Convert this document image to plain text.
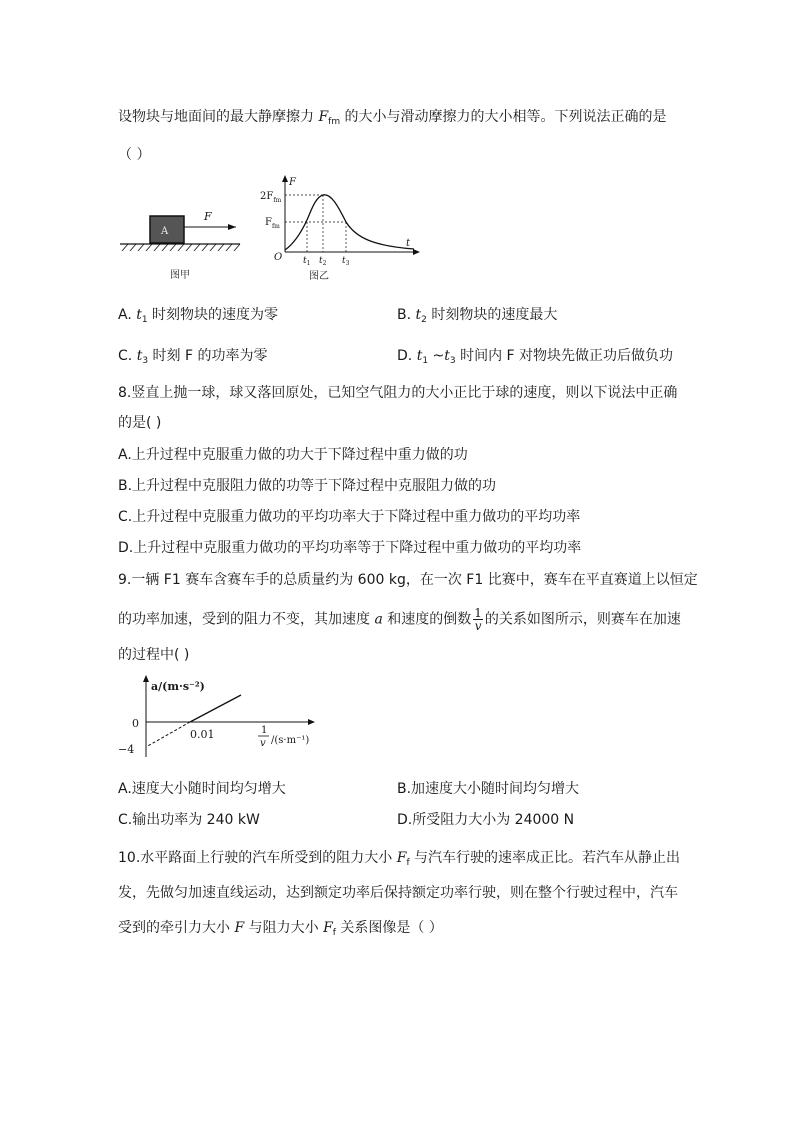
设物块与地面间的最大静摩擦力 $F_{fm}$ 的大小与滑动摩擦力的大小相等。下列说法正确的是
（ ）
A
F
图甲
F
t
O
$2F_{fm}$
$F_{fm}$
$t_1$ $t_2$ $t_3$
图乙
A. $t_1$ 时刻物块的速度为零	B. $t_2$ 时刻物块的速度最大
C. $t_3$ 时刻 F 的功率为零	D. $t_1$ $\sim t_3$ 时间内 F 对物块先做正功后做负功
8.竖直上抛一球，球又落回原处，已知空气阻力的大小正比于球的速度，则以下说法中正确
的是( )
A.上升过程中克服重力做的功大于下降过程中重力做的功
B.上升过程中克服阻力做的功等于下降过程中克服阻力做的功
C.上升过程中克服重力做功的平均功率大于下降过程中重力做功的平均功率
D.上升过程中克服重力做功的平均功率等于下降过程中重力做功的平均功率
9.一辆 F1 赛车含赛车手的总质量约为 600 kg，在一次 F1 比赛中，赛车在平直赛道上以恒定
的功率加速，受到的阻力不变，其加速度 a 和速度的倒数 $\frac{1}{v}$ 的关系如图所示，则赛车在加速
的过程中( )
a/(m·s⁻²)
0
−4
0.01	1
v /(s·m⁻¹)
A.速度大小随时间均匀增大	B.加速度大小随时间均匀增大
C.输出功率为 240 kW	D.所受阻力大小为 24000 N
10.水平路面上行驶的汽车所受到的阻力大小 $F_f$ 与汽车行驶的速率成正比。若汽车从静止出
发，先做匀加速直线运动，达到额定功率后保持额定功率行驶，则在整个行驶过程中，汽车
受到的牵引力大小 F 与阻力大小 $F_f$ 关系图像是（ ）
